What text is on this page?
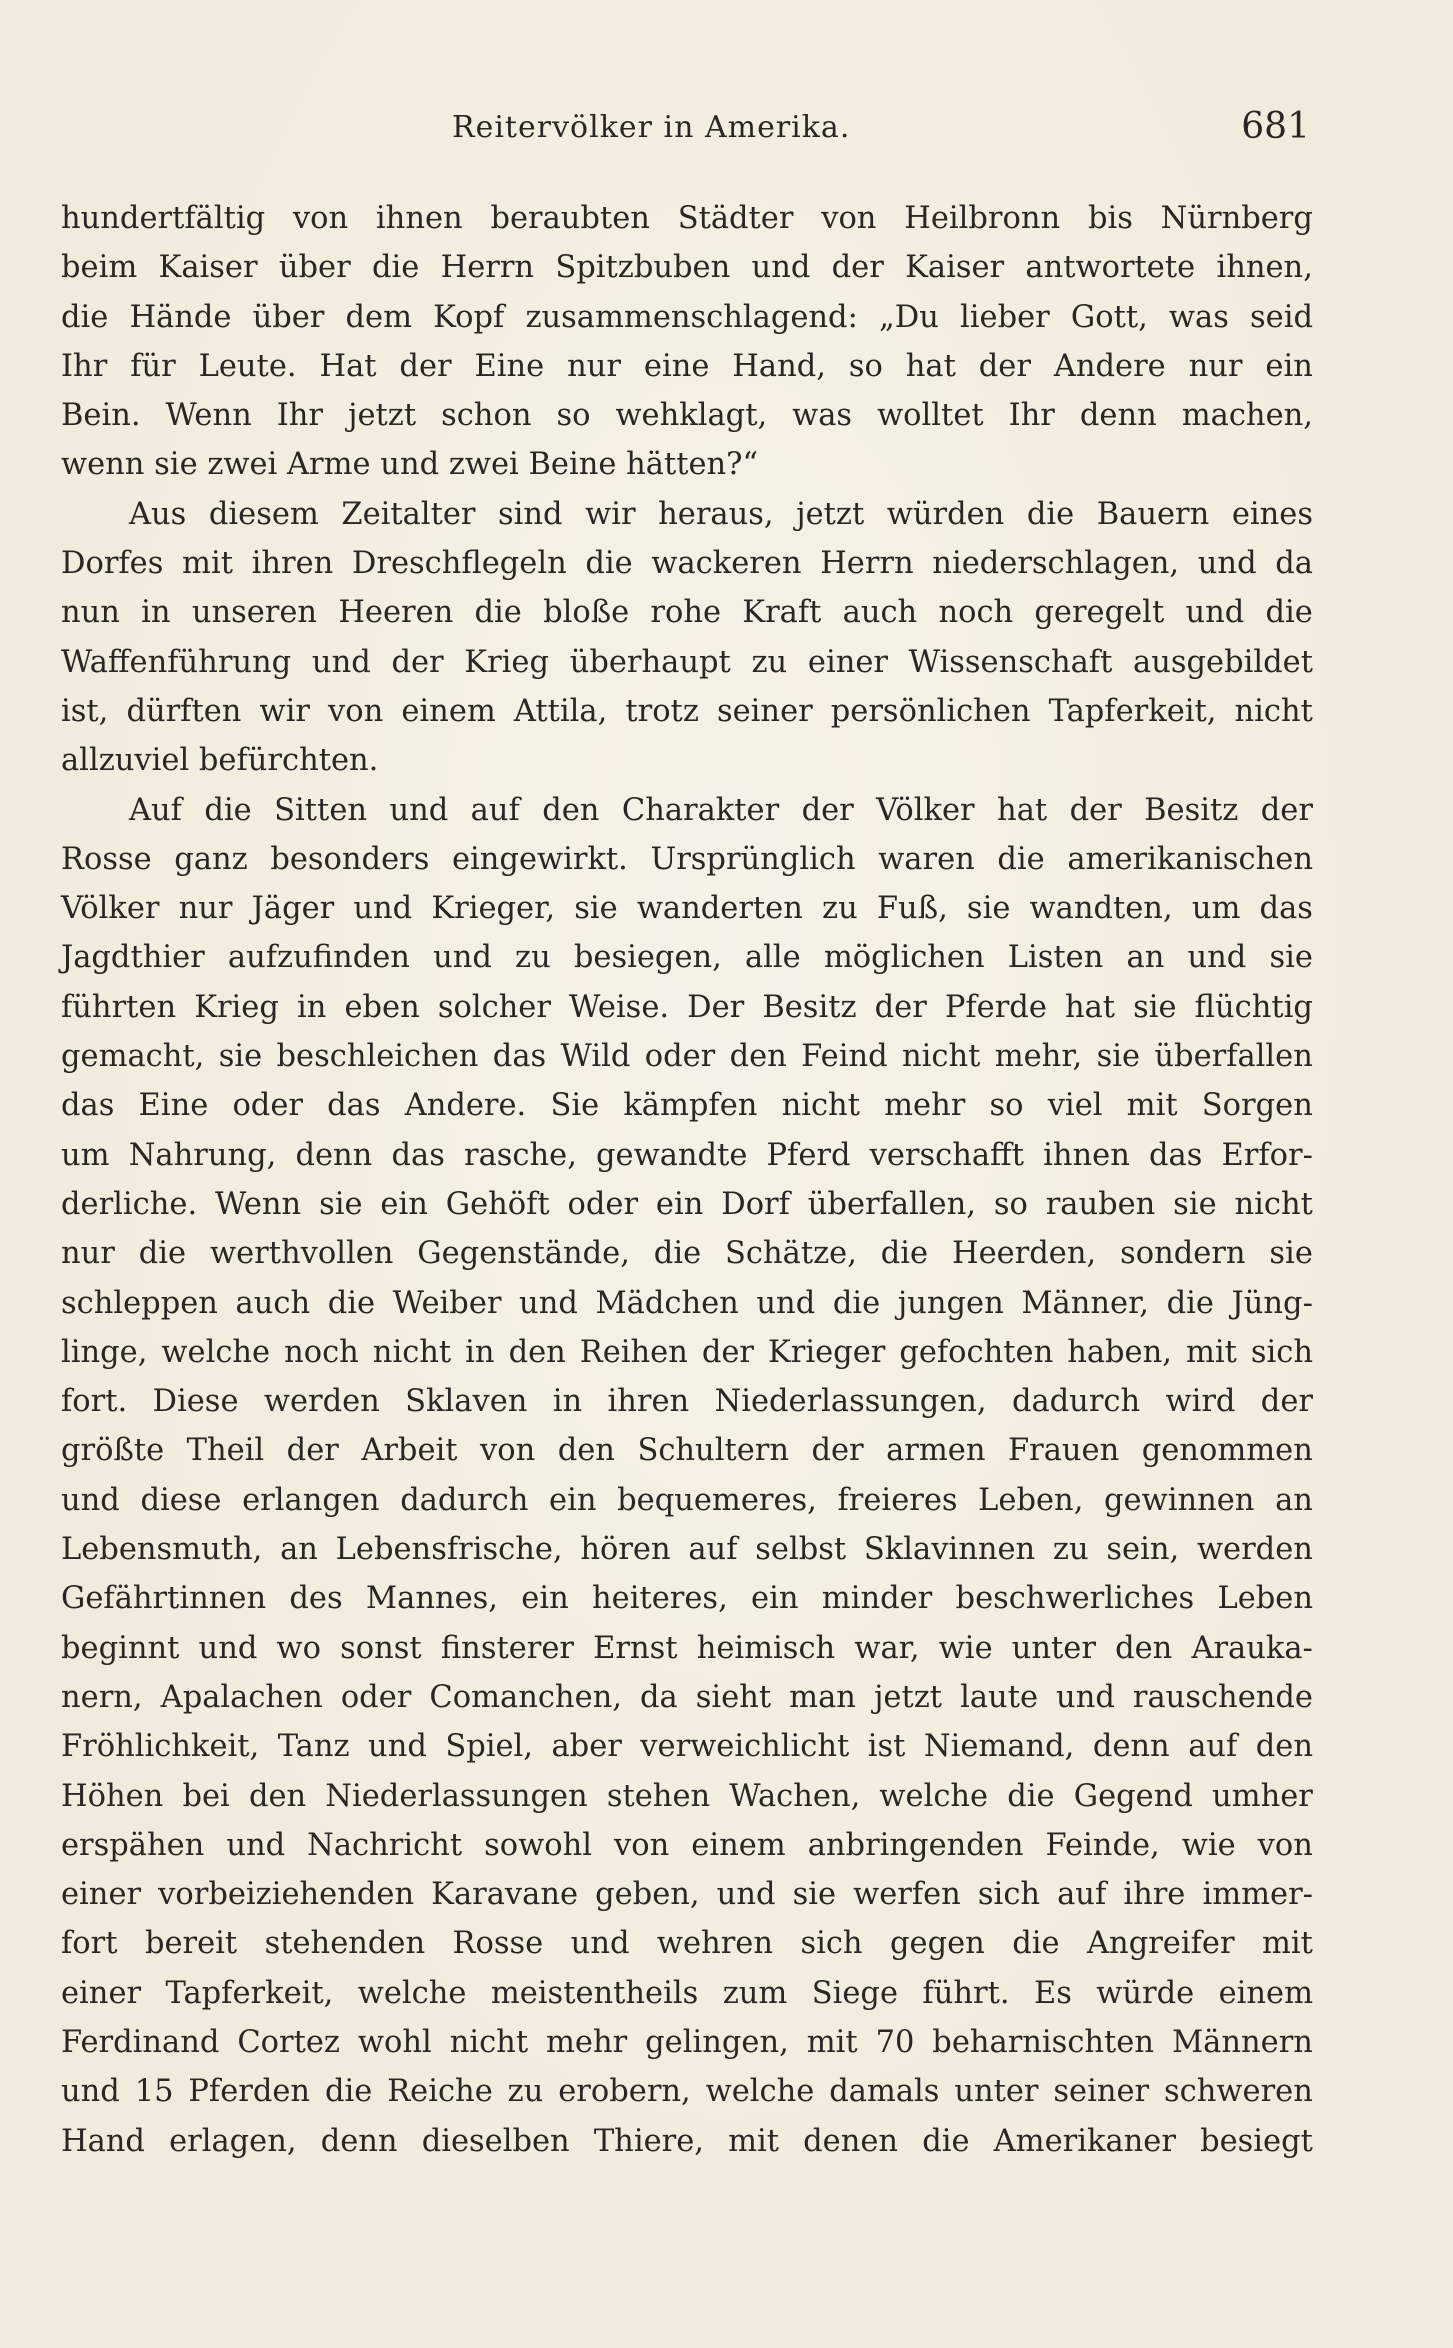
Reitervölker in Amerika.	681
hundertfältig von ihnen beraubten Städter von Heilbronn bis Nürnberg
beim Kaiser über die Herrn Spitzbuben und der Kaiser antwortete ihnen,
die Hände über dem Kopf zusammenschlagend: „Du lieber Gott, was seid
Ihr für Leute. Hat der Eine nur eine Hand, so hat der Andere nur ein
Bein. Wenn Ihr jetzt schon so wehklagt, was wolltet Ihr denn machen,
wenn
sie
zwei
Arme
und
zwei
Beine
hätten?“
Aus diesem Zeitalter sind wir heraus, jetzt würden die Bauern eines
Dorfes mit ihren Dreschflegeln die wackeren Herrn niederschlagen, und da
nun in unseren Heeren die bloße rohe Kraft auch noch geregelt und die
Waffenführung und der Krieg überhaupt zu einer Wissenschaft ausgebildet
ist, dürften wir von einem Attila, trotz seiner persönlichen Tapferkeit, nicht
allzuviel
befürchten.
Auf die Sitten und auf den Charakter der Völker hat der Besitz der
Rosse ganz besonders eingewirkt. Ursprünglich waren die amerikanischen
Völker nur Jäger und Krieger, sie wanderten zu Fuß, sie wandten, um das
Jagdthier aufzufinden und zu besiegen, alle möglichen Listen an und sie
führten Krieg in eben solcher Weise. Der Besitz der Pferde hat sie flüchtig
gemacht, sie beschleichen das Wild oder den Feind nicht mehr, sie überfallen
das Eine oder das Andere. Sie kämpfen nicht mehr so viel mit Sorgen
um Nahrung, denn das rasche, gewandte Pferd verschafft ihnen das Erfor-
derliche. Wenn sie ein Gehöft oder ein Dorf überfallen, so rauben sie nicht
nur die werthvollen Gegenstände, die Schätze, die Heerden, sondern sie
schleppen auch die Weiber und Mädchen und die jungen Männer, die Jüng-
linge, welche noch nicht in den Reihen der Krieger gefochten haben, mit sich
fort. Diese werden Sklaven in ihren Niederlassungen, dadurch wird der
größte Theil der Arbeit von den Schultern der armen Frauen genommen
und diese erlangen dadurch ein bequemeres, freieres Leben, gewinnen an
Lebensmuth, an Lebensfrische, hören auf selbst Sklavinnen zu sein, werden
Gefährtinnen des Mannes, ein heiteres, ein minder beschwerliches Leben
beginnt und wo sonst finsterer Ernst heimisch war, wie unter den Arauka-
nern, Apalachen oder Comanchen, da sieht man jetzt laute und rauschende
Fröhlichkeit, Tanz und Spiel, aber verweichlicht ist Niemand, denn auf den
Höhen bei den Niederlassungen stehen Wachen, welche die Gegend umher
erspähen und Nachricht sowohl von einem anbringenden Feinde, wie von
einer vorbeiziehenden Karavane geben, und sie werfen sich auf ihre immer-
fort bereit stehenden Rosse und wehren sich gegen die Angreifer mit
einer Tapferkeit, welche meistentheils zum Siege führt. Es würde einem
Ferdinand Cortez wohl nicht mehr gelingen, mit 70 beharnischten Männern
und 15 Pferden die Reiche zu erobern, welche damals unter seiner schweren
Hand erlagen, denn dieselben Thiere, mit denen die Amerikaner besiegt
